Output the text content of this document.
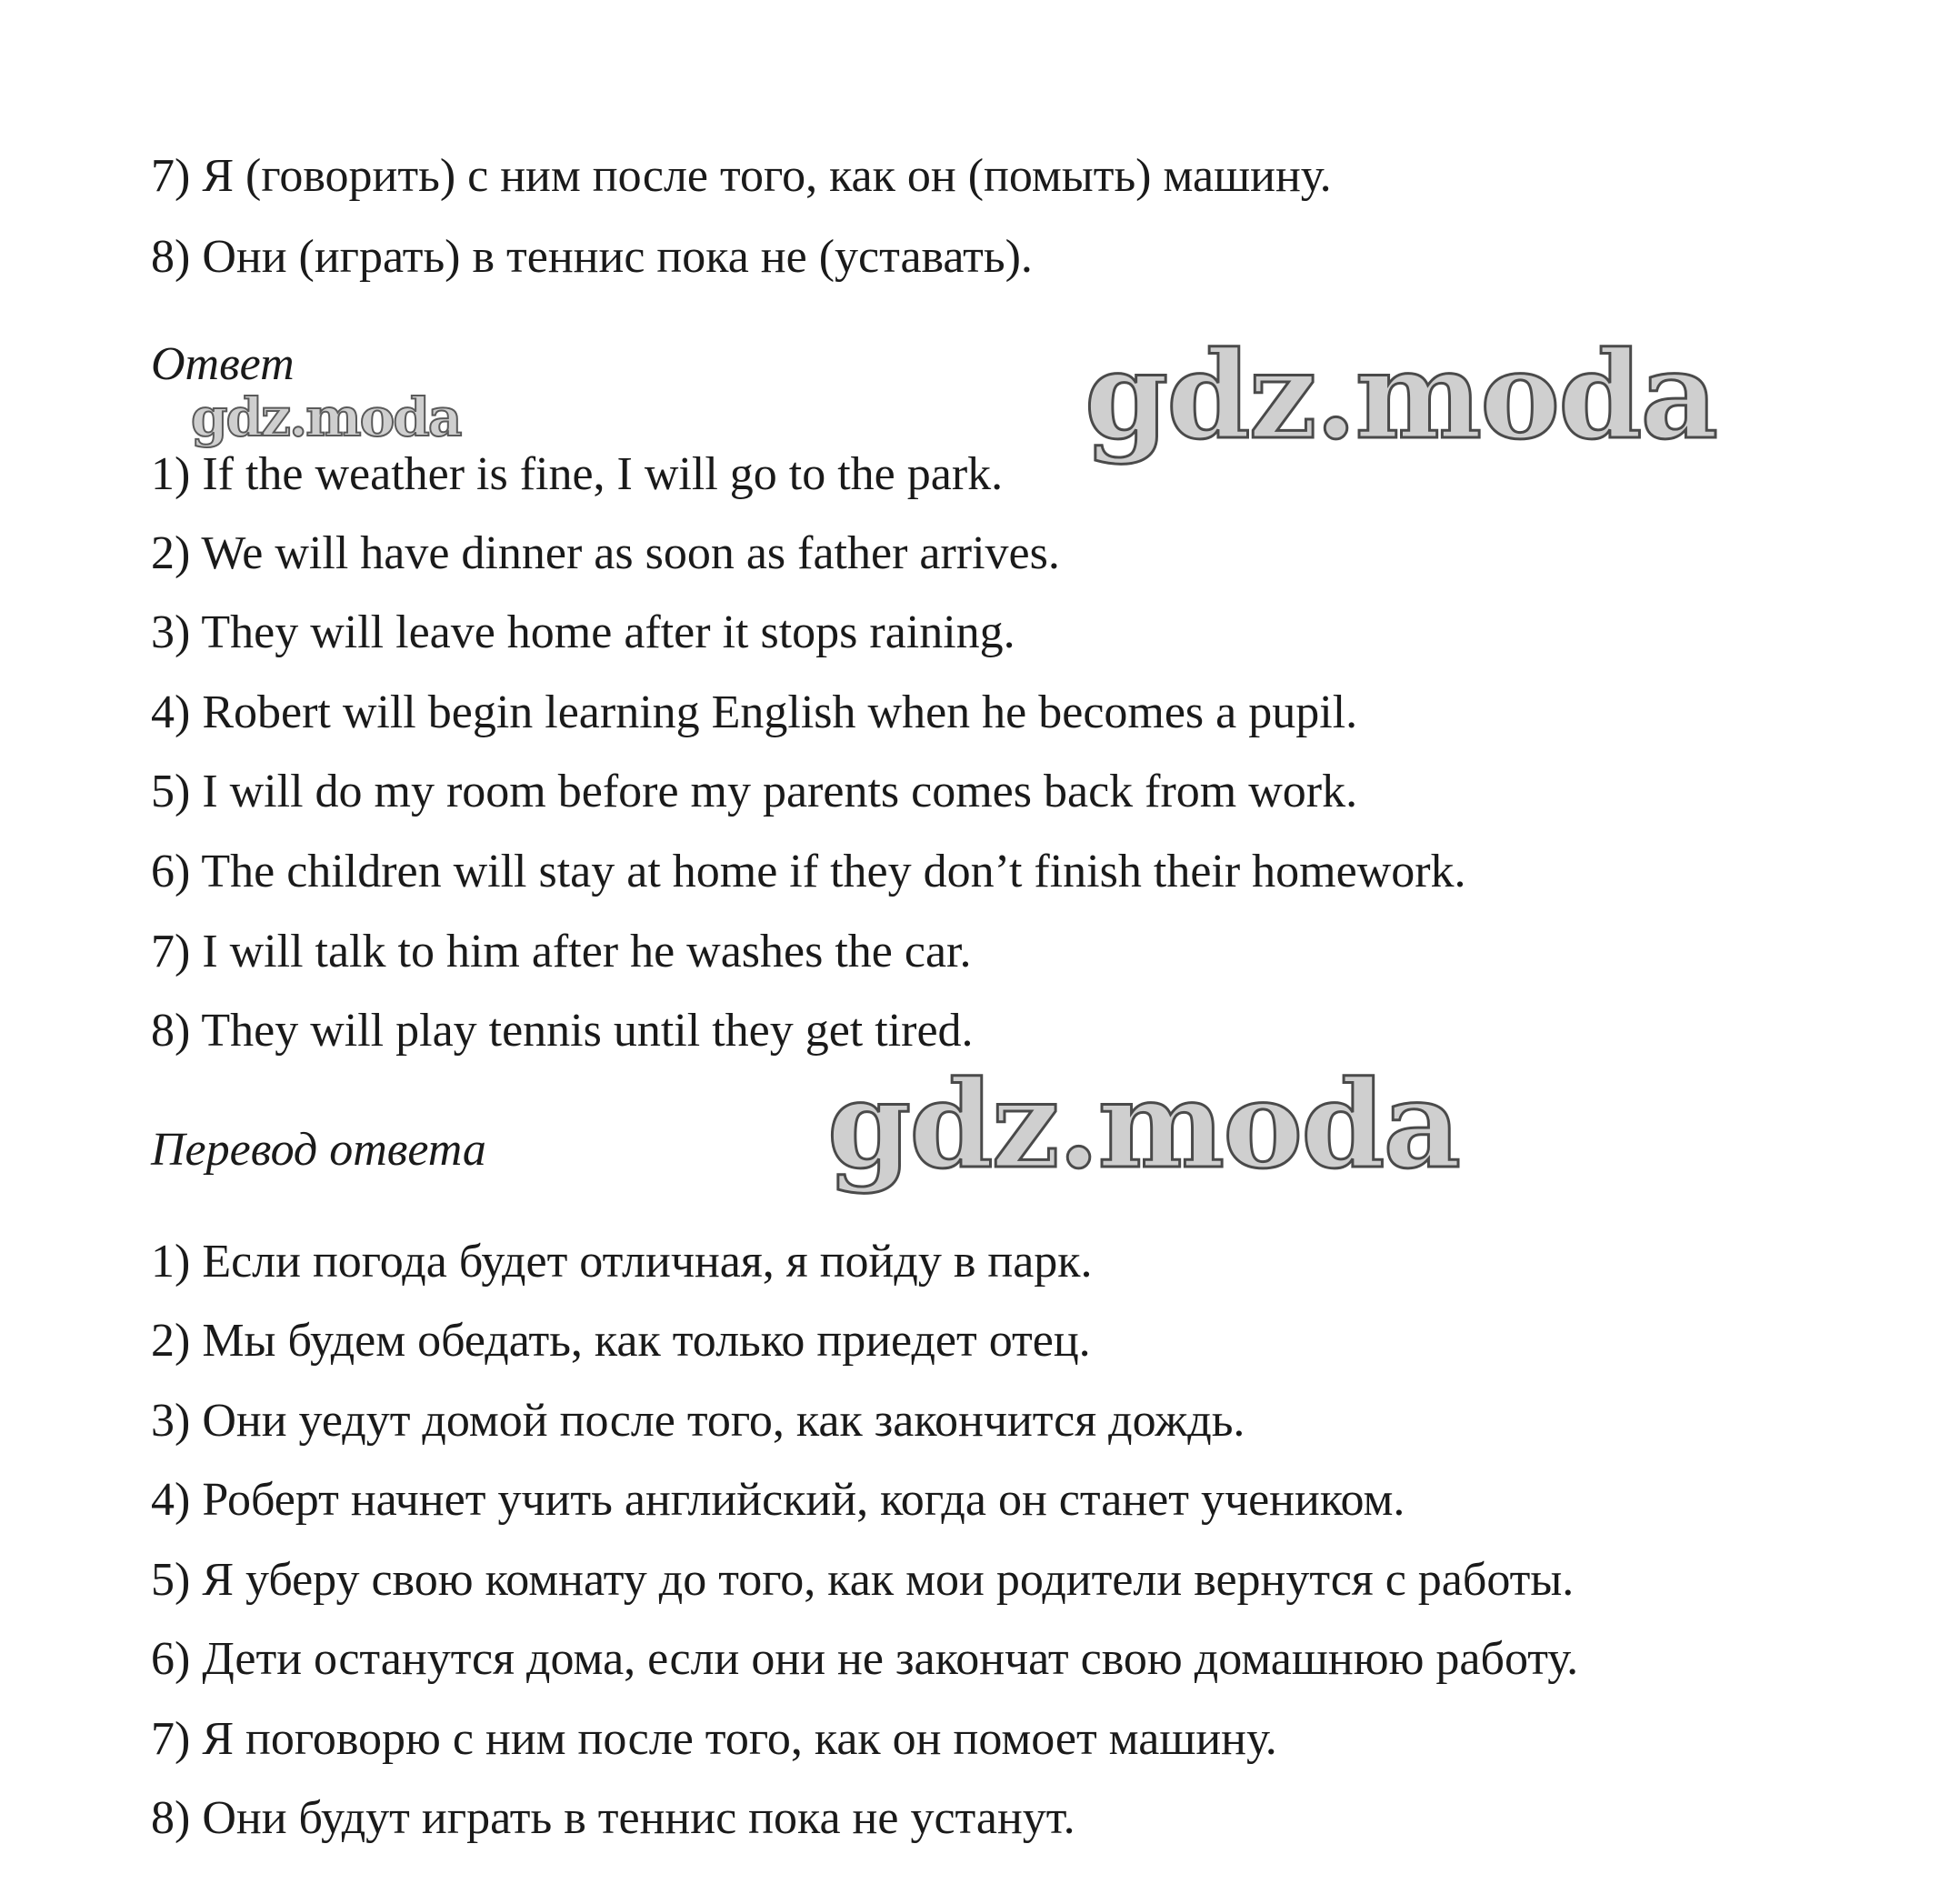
7) Я (говорить) с ним после того, как он (помыть) машину.
8) Они (играть) в теннис пока не (уставать).
Ответ
gdz.moda	gdz.moda
1) If the weather is fine, I will go to the park.
2) We will have dinner as soon as father arrives.
3) They will leave home after it stops raining.
4) Robert will begin learning English when he becomes a pupil.
5) I will do my room before my parents comes back from work.
6) The children will stay at home if they don’t finish their homework.
7) I will talk to him after he washes the car.
8) They will play tennis until they get tired.
Перевод ответа	gdz.moda
1) Если погода будет отличная, я пойду в парк.
2) Мы будем обедать, как только приедет отец.
3) Они уедут домой после того, как закончится дождь.
4) Роберт начнет учить английский, когда он станет учеником.
5) Я уберу свою комнату до того, как мои родители вернутся с работы.
6) Дети останутся дома, если они не закончат свою домашнюю работу.
7) Я поговорю с ним после того, как он помоет машину.
8) Они будут играть в теннис пока не устанут.
